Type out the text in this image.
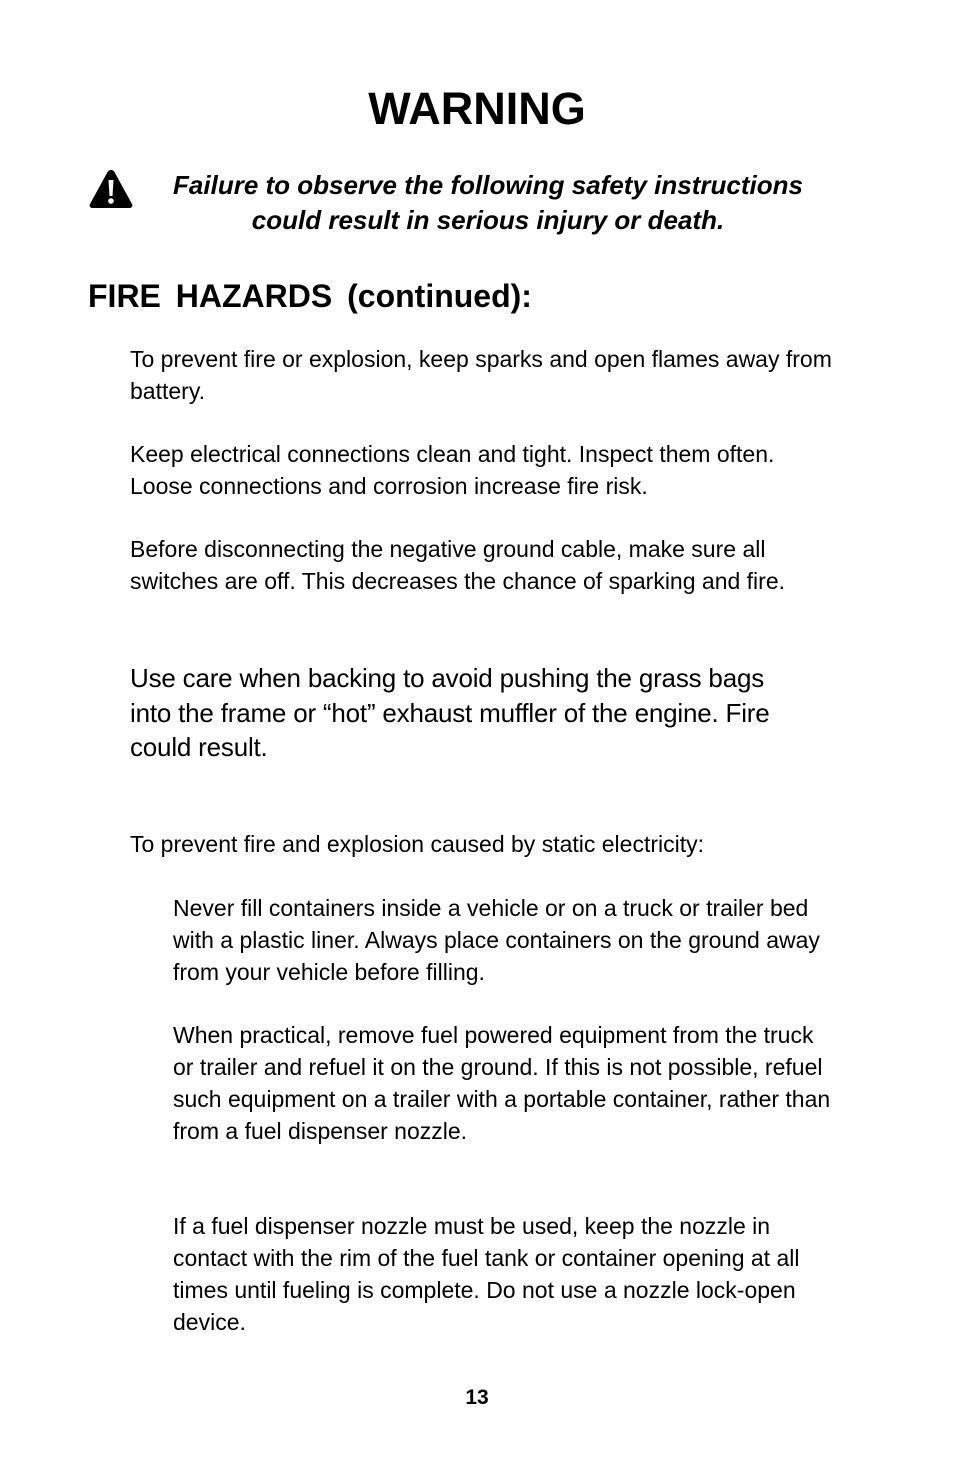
WARNING
Failure to observe the following safety instructions
could result in serious injury or death.
FIRE HAZARDS (continued):

To prevent fire or explosion, keep sparks and open flames away from battery.

Keep electrical connections clean and tight. Inspect them often. Loose connections and corrosion increase fire risk.

Before disconnecting the negative ground cable, make sure all switches are off. This decreases the chance of sparking and fire.

Use care when backing to avoid pushing the grass bags into the frame or “hot” exhaust muffler of the engine. Fire could result.

To prevent fire and explosion caused by static electricity:

Never fill containers inside a vehicle or on a truck or trailer bed with a plastic liner. Always place containers on the ground away from your vehicle before filling.

When practical, remove fuel powered equipment from the truck or trailer and refuel it on the ground. If this is not possible, refuel such equipment on a trailer with a portable container, rather than from a fuel dispenser nozzle.

If a fuel dispenser nozzle must be used, keep the nozzle in contact with the rim of the fuel tank or container opening at all times until fueling is complete. Do not use a nozzle lock-open device.

13
